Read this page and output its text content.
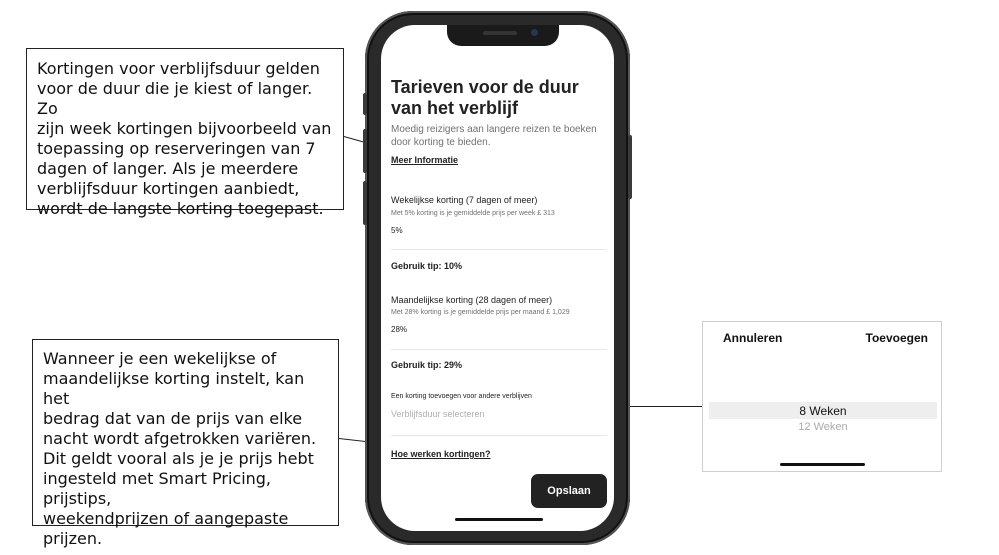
Kortingen voor verblijfsduur gelden
voor de duur die je kiest of langer. Zo
zijn week kortingen bijvoorbeeld van
toepassing op reserveringen van 7
dagen of langer. Als je meerdere
verblijfsduur kortingen aanbiedt,
wordt de langste korting toegepast.

Wanneer je een wekelijkse of
maandelijkse korting instelt, kan het
bedrag dat van de prijs van elke
nacht wordt afgetrokken variëren.
Dit geldt vooral als je je prijs hebt
ingesteld met Smart Pricing, prijstips,
weekendprijzen of aangepaste
prijzen.

Tarieven voor de duur van het verblijf
Moedig reizigers aan langere reizen te boeken door korting te bieden.
Meer Informatie
Wekelijkse korting (7 dagen of meer)
Met 5% korting is je gemiddelde prijs per week £ 313
5%
Gebruik tip: 10%
Maandelijkse korting (28 dagen of meer)
Met 28% korting is je gemiddelde prijs per maand £ 1,029
28%
Gebruik tip: 29%
Een korting toevoegen voor andere verblijven
Verblijfsduur selecteren
Hoe werken kortingen?
Opslaan
Annuleren	Toevoegen
8 Weken
12 Weken
